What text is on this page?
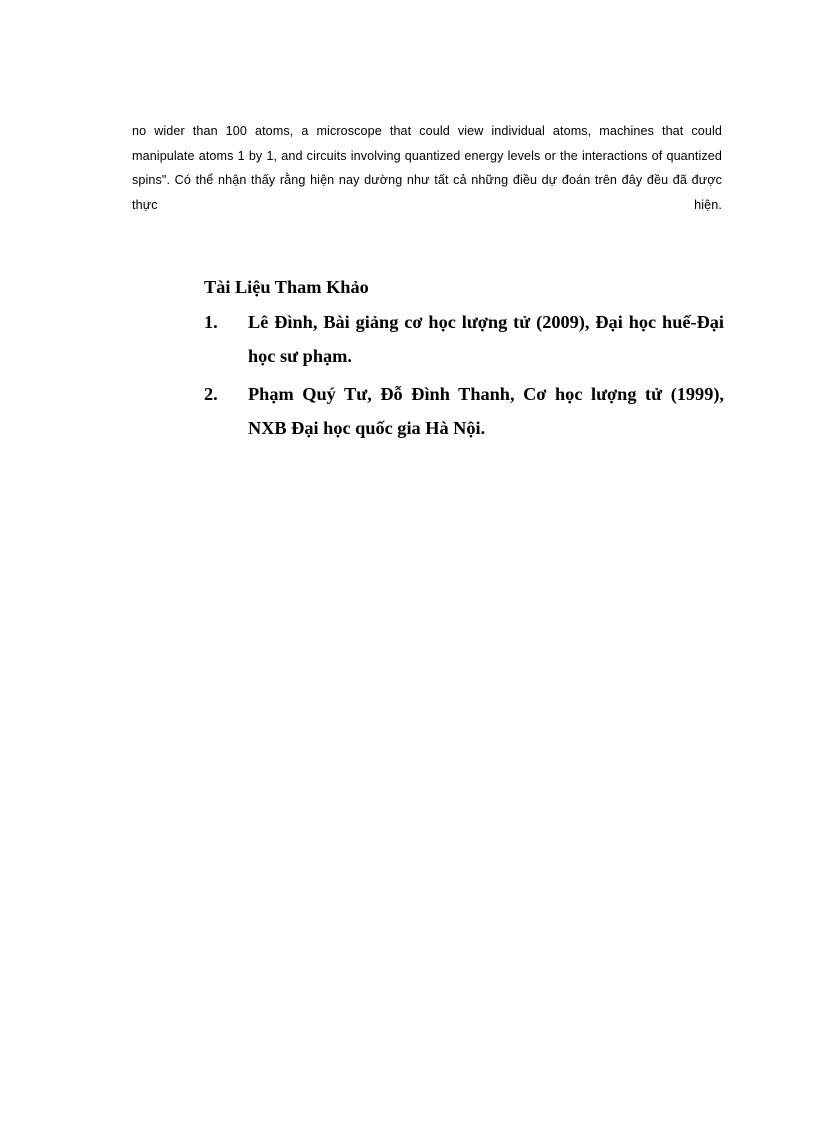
no wider than 100 atoms, a microscope that could view individual atoms, machines that could manipulate atoms 1 by 1, and circuits involving quantized energy levels or the interactions of quantized spins". Có thể nhận thấy rằng hiện nay dường như tất cả những điều dự đoán trên đây đều đã được thực hiện.

Tài Liệu Tham Khảo

1.	Lê Đình, Bài giảng cơ học lượng tử (2009), Đại học huế-Đại học sư phạm.
2.	Phạm Quý Tư, Đỗ Đình Thanh, Cơ học lượng tử (1999), NXB Đại học quốc gia Hà Nội.
